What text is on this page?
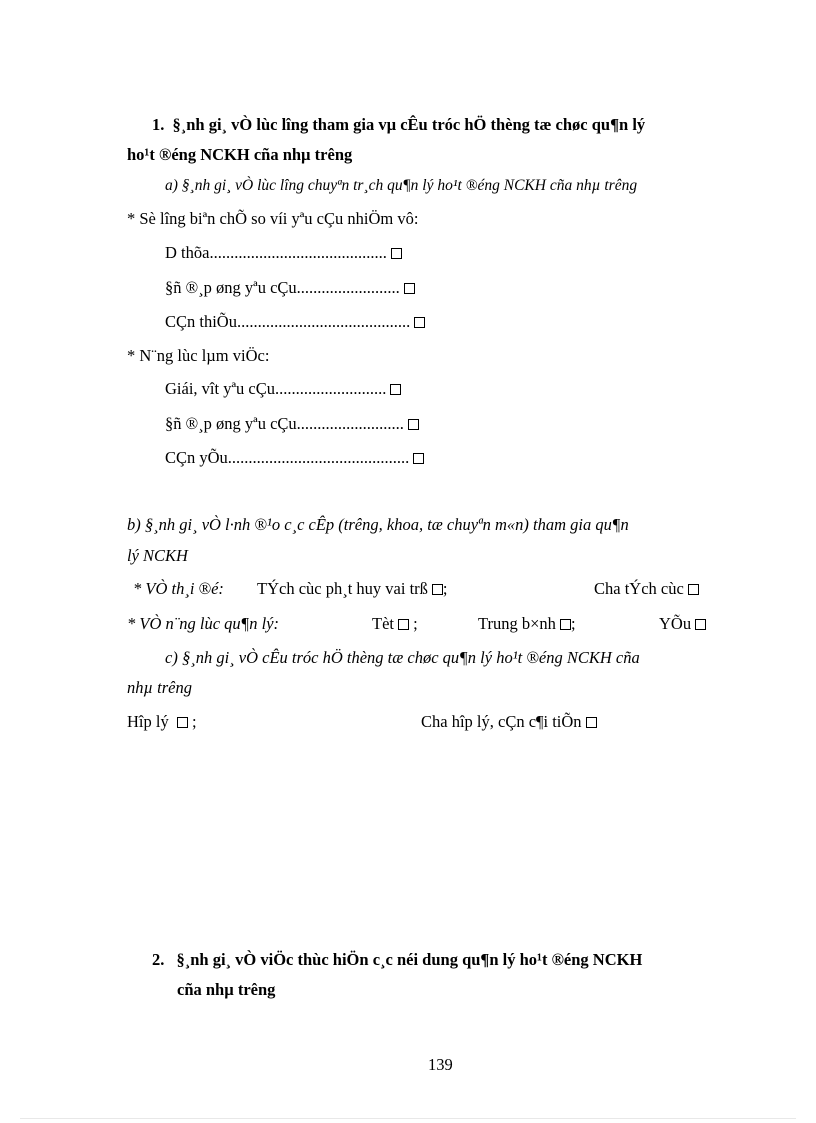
1. §¸nh gi¸ vÒ lùc lîng tham gia vµ cÊu tróc hÖ thèng tæ chøc qu¶n lý
ho¹t ®éng NCKH cña nhµ trêng
a) §¸nh gi¸ vÒ lùc lîng chuyªn tr¸ch qu¶n lý ho¹t ®éng NCKH cña nhµ trêng
* Sè lîng biªn chÕ so víi yªu cÇu nhiÖm vô:
D thõa...........................................
§ñ ®¸p øng yªu cÇu.........................
CÇn thiÕu..........................................
* N¨ng lùc lµm viÖc:
Giái, vît yªu cÇu...........................
§ñ ®¸p øng yªu cÇu..........................
CÇn yÕu............................................
b) §¸nh gi¸ vÒ l·nh ®¹o c¸c cÊp (trêng, khoa, tæ chuyªn m«n) tham gia qu¶n
lý NCKH
* VÒ th¸i ®é: TÝch cùc ph¸t huy vai trß ;	Cha tÝch cùc
* VÒ n¨ng lùc qu¶n lý:	Tèt ;	Trung b×nh ;	YÕu
c) §¸nh gi¸ vÒ cÊu tróc hÖ thèng tæ chøc qu¶n lý ho¹t ®éng NCKH cña
nhµ trêng
Hîp lý ;	Cha hîp lý, cÇn c¶i tiÕn
2. §¸nh gi¸ vÒ viÖc thùc hiÖn c¸c néi dung qu¶n lý ho¹t ®éng NCKH
cña nhµ trêng
139
